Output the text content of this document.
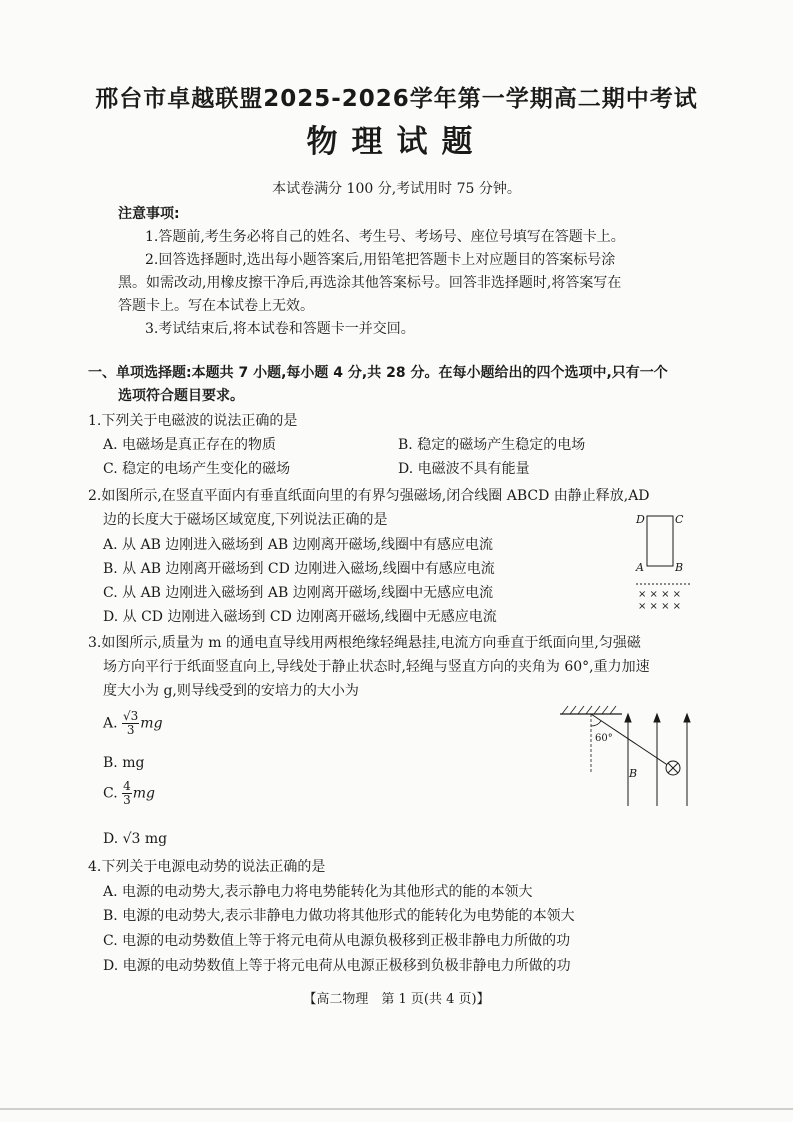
邢台市卓越联盟2025-2026学年第一学期高二期中考试
物理试题
本试卷满分 100 分,考试用时 75 分钟。
注意事项:
1.答题前,考生务必将自己的姓名、考生号、考场号、座位号填写在答题卡上。
2.回答选择题时,选出每小题答案后,用铅笔把答题卡上对应题目的答案标号涂
黑。如需改动,用橡皮擦干净后,再选涂其他答案标号。回答非选择题时,将答案写在
答题卡上。写在本试卷上无效。
3.考试结束后,将本试卷和答题卡一并交回。
一、单项选择题:本题共 7 小题,每小题 4 分,共 28 分。在每小题给出的四个选项中,只有一个
选项符合题目要求。
1.下列关于电磁波的说法正确的是
A. 电磁场是真正存在的物质	B. 稳定的磁场产生稳定的电场
C. 稳定的电场产生变化的磁场	D. 电磁波不具有能量
2.如图所示,在竖直平面内有垂直纸面向里的有界匀强磁场,闭合线圈 ABCD 由静止释放,AD
边的长度大于磁场区域宽度,下列说法正确的是
A. 从 AB 边刚进入磁场到 AB 边刚离开磁场,线圈中有感应电流
B. 从 AB 边刚离开磁场到 CD 边刚进入磁场,线圈中有感应电流
C. 从 AB 边刚进入磁场到 AB 边刚离开磁场,线圈中无感应电流
D. 从 CD 边刚进入磁场到 CD 边刚离开磁场,线圈中无感应电流
D	C
A	B
× × × ×
× × × ×
3.如图所示,质量为 m 的通电直导线用两根绝缘轻绳悬挂,电流方向垂直于纸面向里,匀强磁
场方向平行于纸面竖直向上,导线处于静止状态时,轻绳与竖直方向的夹角为 60°,重力加速
度大小为 g,则导线受到的安培力的大小为
A. $\frac{√3}{3}$ mg
B. mg
C. $\frac{4}{3}$ mg
D. √3 mg
60°
B
4.下列关于电源电动势的说法正确的是
A. 电源的电动势大,表示静电力将电势能转化为其他形式的能的本领大
B. 电源的电动势大,表示非静电力做功将其他形式的能转化为电势能的本领大
C. 电源的电动势数值上等于将元电荷从电源负极移到正极非静电力所做的功
D. 电源的电动势数值上等于将元电荷从电源正极移到负极非静电力所做的功
【高二物理　第 1 页(共 4 页)】
